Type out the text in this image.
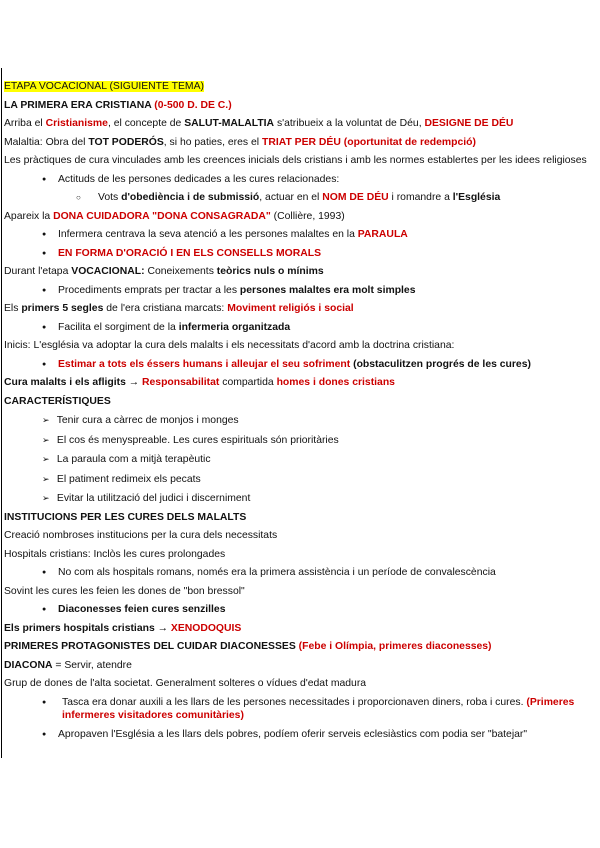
ETAPA VOCACIONAL (SIGUIENTE TEMA)
LA PRIMERA ERA CRISTIANA (0-500 D. DE C.)
Arriba el Cristianisme, el concepte de SALUT-MALALTIA s'atribueix a la voluntat de Déu, DESIGNE DE DÉU
Malaltia: Obra del TOT PODERÓS, si ho paties, eres el TRIAT PER DÉU (oportunitat de redempció)
Les pràctiques de cura vinculades amb les creences inicials dels cristians i amb les normes establertes per les idees religioses
● Actituds de les persones dedicades a les cures relacionades:
○ Vots d'obediència i de submissió, actuar en el NOM DE DÉU i romandre a l'Església
Apareix la DONA CUIDADORA "DONA CONSAGRADA" (Collière, 1993)
● Infermera centrava la seva atenció a les persones malaltes en la PARAULA
● EN FORMA D'ORACIÓ I EN ELS CONSELLS MORALS
Durant l'etapa VOCACIONAL: Coneixements teòrics nuls o mínims
● Procediments emprats per tractar a les persones malaltes era molt simples
Els primers 5 segles de l'era cristiana marcats: Moviment religiós i social
● Facilita el sorgiment de la infermeria organitzada
Inicis: L'església va adoptar la cura dels malalts i els necessitats d'acord amb la doctrina cristiana:
● Estimar a tots els éssers humans i alleujar el seu sofriment (obstaculitzen progrés de les cures)
Cura malalts i els afligits → Responsabilitat compartida homes i dones cristians
CARACTERÍSTIQUES
➢ Tenir cura a càrrec de monjos i monges
➢ El cos és menyspreable. Les cures espirituals són prioritàries
➢ La paraula com a mitjà terapèutic
➢ El patiment redimeix els pecats
➢ Evitar la utilització del judici i discerniment
INSTITUCIONS PER LES CURES DELS MALALTS
Creació nombroses institucions per la cura dels necessitats
Hospitals cristians: Inclòs les cures prolongades
● No com als hospitals romans, només era la primera assistència i un període de convalescència
Sovint les cures les feien les dones de "bon bressol"
● Diaconesses feien cures senzilles
Els primers hospitals cristians → XENODOQUIS
PRIMERES PROTAGONISTES DEL CUIDAR DIACONESSES (Febe i Olímpia, primeres diaconesses)
DIACONA = Servir, atendre
Grup de dones de l'alta societat. Generalment solteres o vídues d'edat madura
● Tasca era donar auxili a les llars de les persones necessitades i proporcionaven diners, roba i cures. (Primeres infermeres visitadores comunitàries)
● Apropaven l'Església a les llars dels pobres, podíem oferir serveis eclesiàstics com podia ser "batejar"
